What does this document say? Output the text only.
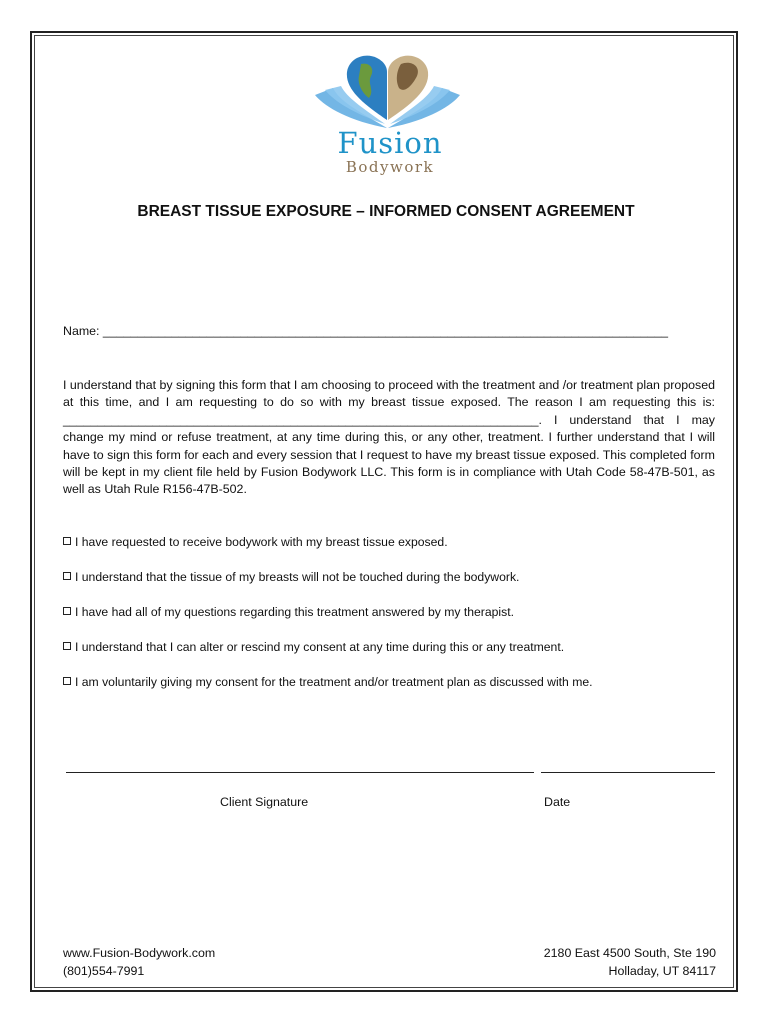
Fusion
Bodywork
BREAST TISSUE EXPOSURE – INFORMED CONSENT AGREEMENT
Name: __________________________________________________________________________________
I understand that by signing this form that I am choosing to proceed with the treatment and /or treatment plan proposed at this time, and I am requesting to do so with my breast tissue exposed. The reason I am requesting this is: _____________________________________________________________________. I understand that I may change my mind or refuse treatment, at any time during this, or any other, treatment. I further understand that I will have to sign this form for each and every session that I request to have my breast tissue exposed. This completed form will be kept in my client file held by Fusion Bodywork LLC. This form is in compliance with Utah Code 58-47B-501, as well as Utah Rule R156-47B-502.
I have requested to receive bodywork with my breast tissue exposed.
I understand that the tissue of my breasts will not be touched during the bodywork.
I have had all of my questions regarding this treatment answered by my therapist.
I understand that I can alter or rescind my consent at any time during this or any treatment.
I am voluntarily giving my consent for the treatment and/or treatment plan as discussed with me.
Client Signature	Date
www.Fusion-Bodywork.com
(801)554-7991
2180 East 4500 South, Ste 190
Holladay, UT 84117
